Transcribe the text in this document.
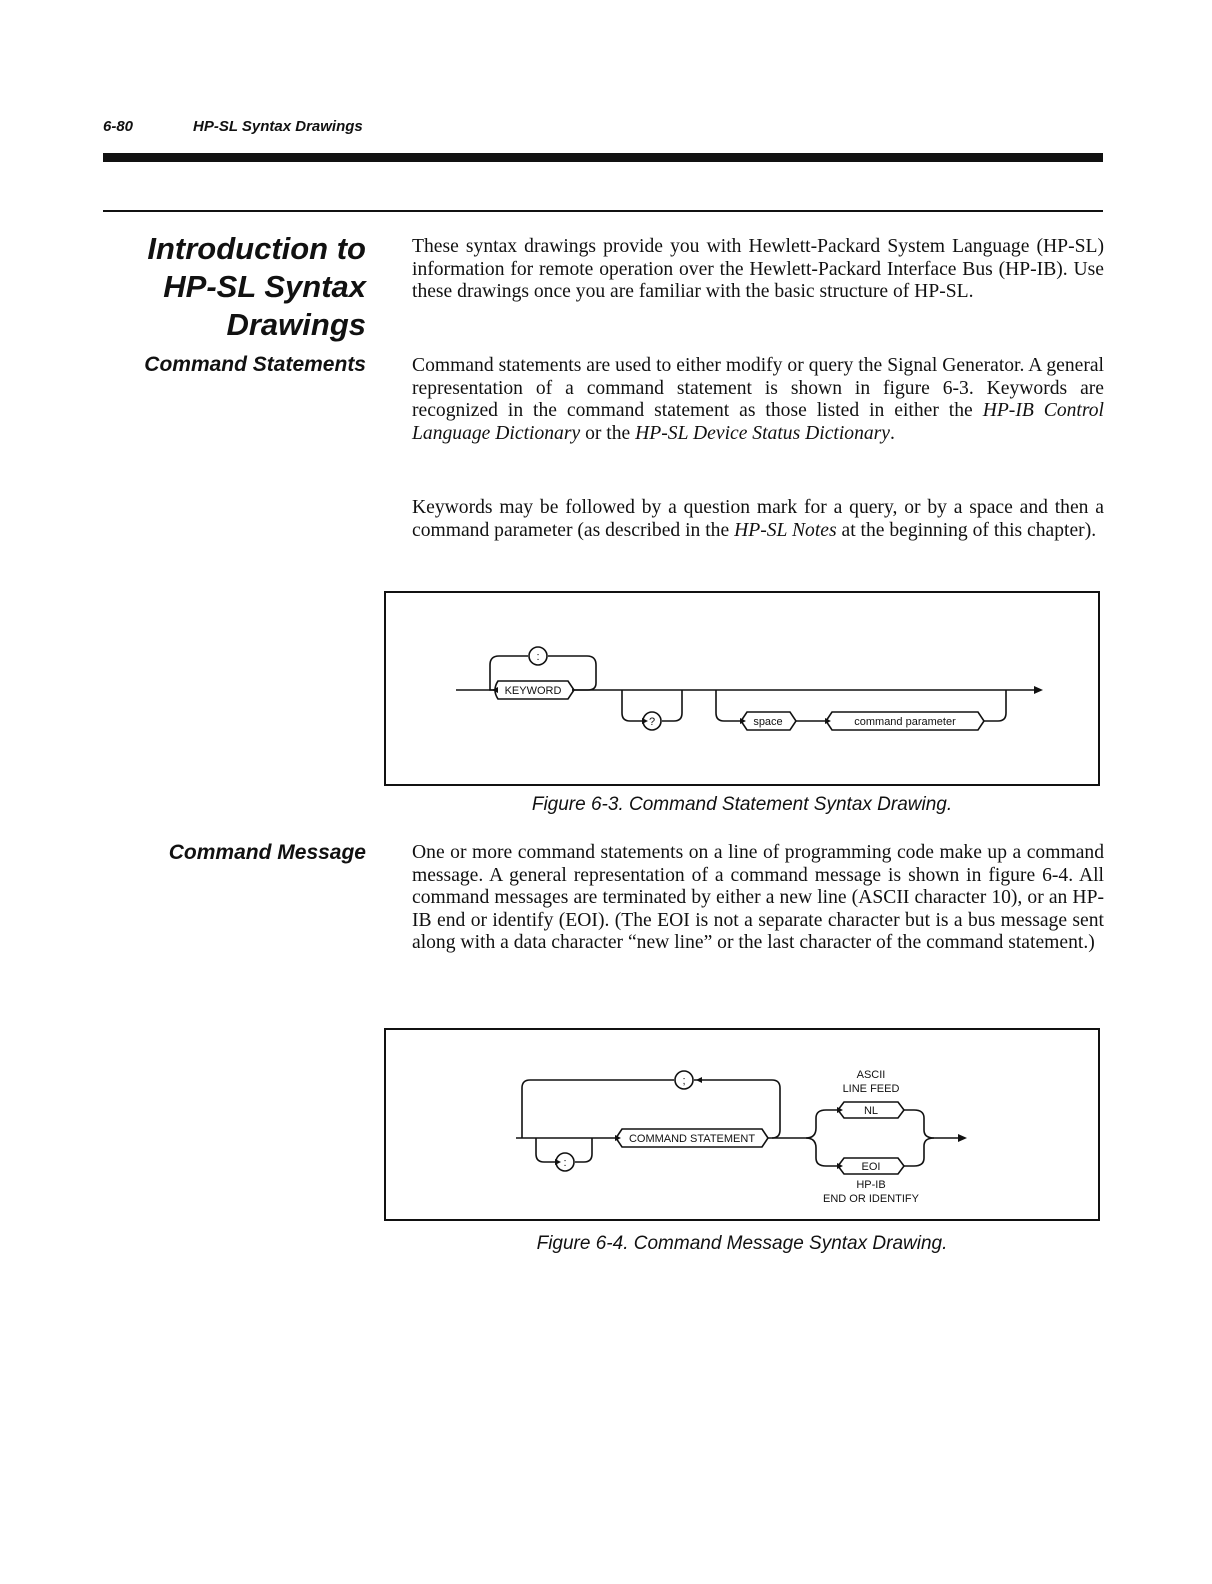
6-80	HP-SL Syntax Drawings
Introduction to
HP-SL Syntax
Drawings

These syntax drawings provide you with Hewlett-Packard System Language (HP-SL) information for remote operation over the Hewlett-Packard Interface Bus (HP-IB). Use these drawings once you are familiar with the basic structure of HP-SL.

Command Statements Command statements are used to either modify or query the Signal Generator. A general representation of a command statement is shown in figure 6-3. Keywords are recognized in the command statement as those listed in either the HP-IB Control Language Dictionary or the HP-SL Device Status Dictionary.

Keywords may be followed by a question mark for a query, or by a space and then a command parameter (as described in the HP-SL Notes at the beginning of this chapter).

:
KEYWORD
?	space	command parameter
Figure 6-3. Command Statement Syntax Drawing.
Command Message One or more command statements on a line of programming code make up a command message. A general representation of a command message is shown in figure 6-4. All command messages are terminated by either a new line (ASCII character 10), or an HP-IB end or identify (EOI). (The EOI is not a separate character but is a bus message sent along with a data character “new line” or the last character of the command statement.)

;
:
COMMAND STATEMENT
ASCII
LINE FEED
NL
EOI
HP-IB
END OR IDENTIFY
Figure 6-4. Command Message Syntax Drawing.
